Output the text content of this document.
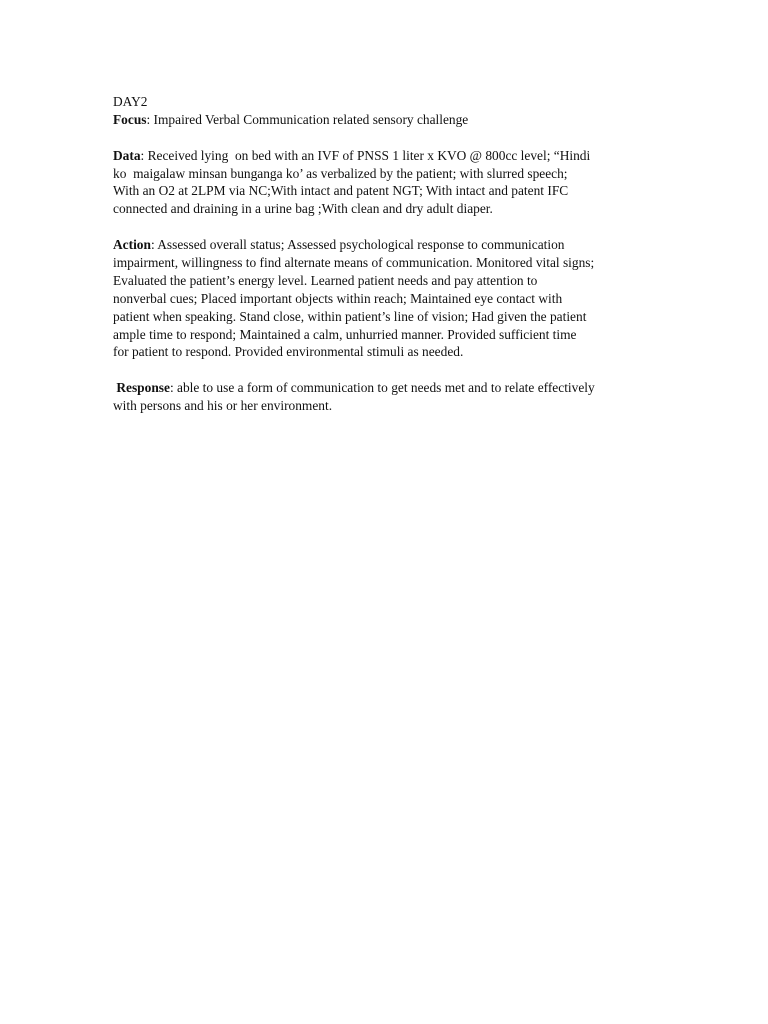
DAY2
Focus: Impaired Verbal Communication related sensory challenge
Data: Received lying  on bed with an IVF of PNSS 1 liter x KVO @ 800cc level; “Hindi
ko  maigalaw minsan bunganga ko’ as verbalized by the patient; with slurred speech;
With an O2 at 2LPM via NC;With intact and patent NGT; With intact and patent IFC
connected and draining in a urine bag ;With clean and dry adult diaper.
Action: Assessed overall status; Assessed psychological response to communication
impairment, willingness to find alternate means of communication. Monitored vital signs;
Evaluated the patient’s energy level. Learned patient needs and pay attention to
nonverbal cues; Placed important objects within reach; Maintained eye contact with
patient when speaking. Stand close, within patient’s line of vision; Had given the patient
ample time to respond; Maintained a calm, unhurried manner. Provided sufficient time
for patient to respond. Provided environmental stimuli as needed.
Response: able to use a form of communication to get needs met and to relate effectively
with persons and his or her environment.
